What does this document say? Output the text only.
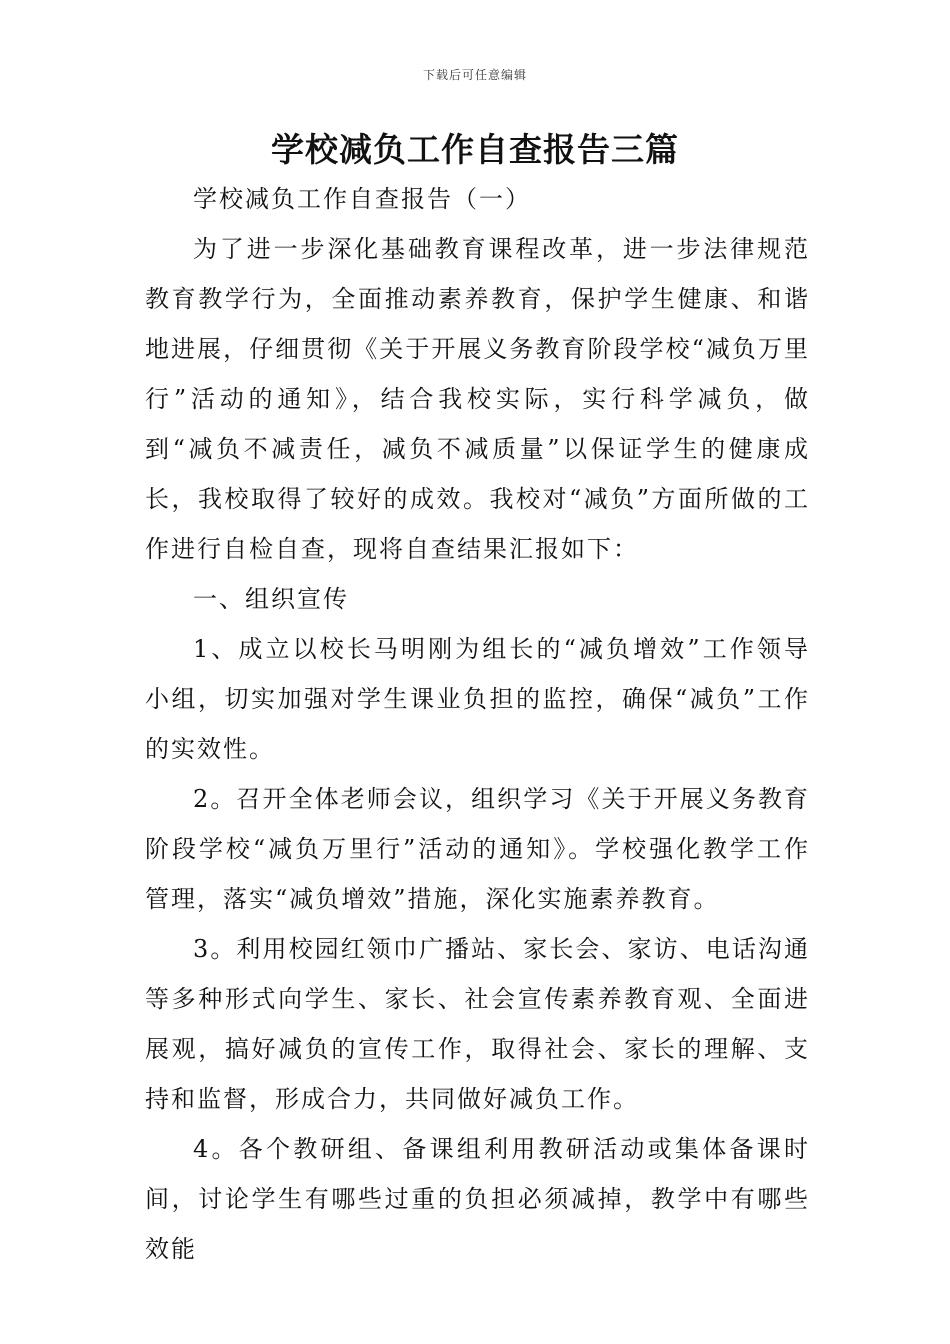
下载后可任意编辑
学校减负工作自查报告三篇

学校减负工作自查报告（一）

为了进一步深化基础教育课程改革，进一步法律规范教育教学行为，全面推动素养教育，保护学生健康、和谐地进展，仔细贯彻《关于开展义务教育阶段学校“减负万里行”活动的通知》，结合我校实际，实行科学减负，做到“减负不减责任，减负不减质量”以保证学生的健康成长，我校取得了较好的成效。我校对“减负”方面所做的工作进行自检自查，现将自查结果汇报如下：

一、组织宣传

1、成立以校长马明刚为组长的“减负增效”工作领导小组，切实加强对学生课业负担的监控，确保“减负”工作的实效性。

2。召开全体老师会议，组织学习《关于开展义务教育阶段学校“减负万里行”活动的通知》。学校强化教学工作管理，落实“减负增效”措施，深化实施素养教育。

3。利用校园红领巾广播站、家长会、家访、电话沟通等多种形式向学生、家长、社会宣传素养教育观、全面进展观，搞好减负的宣传工作，取得社会、家长的理解、支持和监督，形成合力，共同做好减负工作。

4。各个教研组、备课组利用教研活动或集体备课时间，讨论学生有哪些过重的负担必须减掉，教学中有哪些效能
